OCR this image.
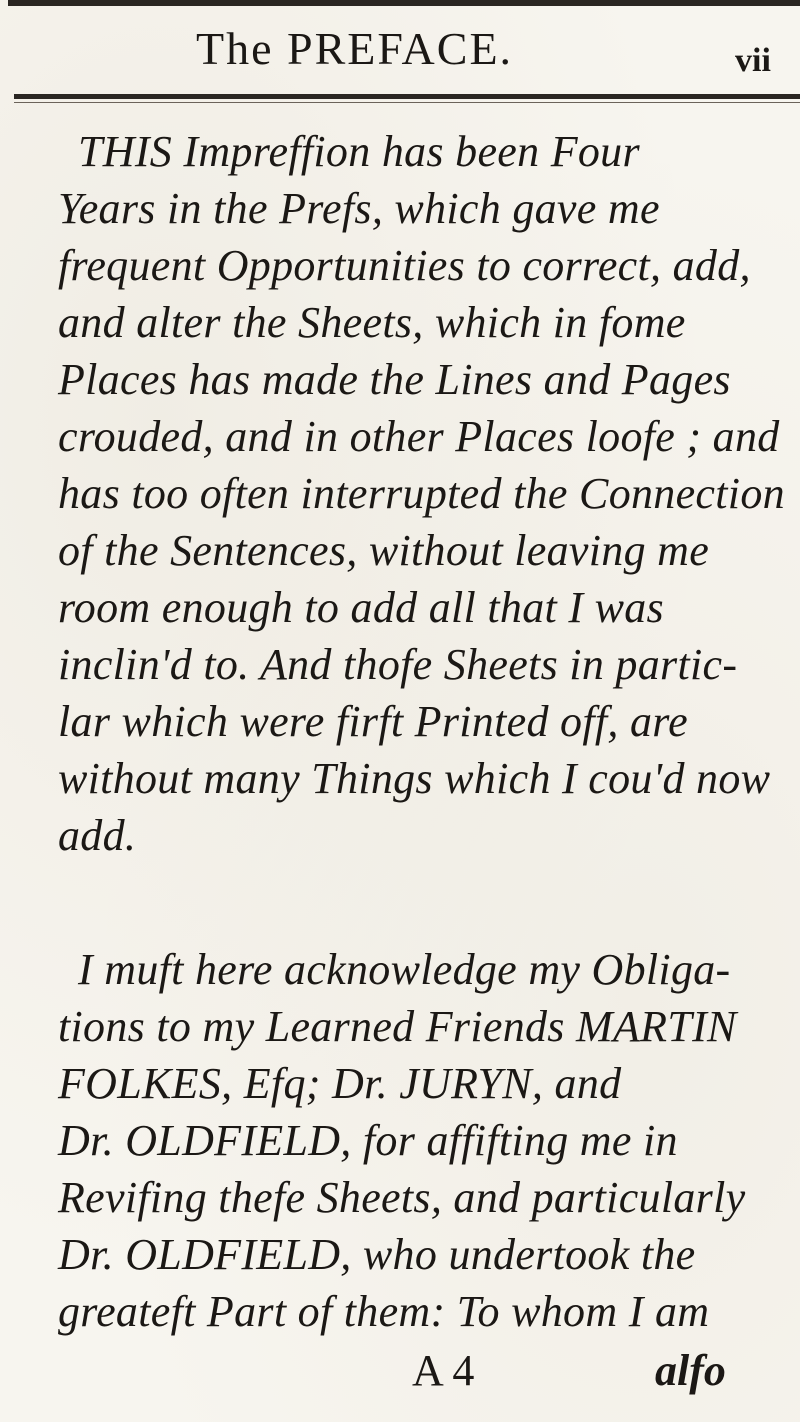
The PREFACE.	vii
THIS Impreffion has been Four
Years in the Prefs, which gave me
frequent Opportunities to correct, add,
and alter the Sheets, which in fome
Places has made the Lines and Pages
crouded, and in other Places loofe ; and
has too often interrupted the Connection
of the Sentences, without leaving me
room enough to add all that I was
inclin'd to. And thofe Sheets in partic-
lar which were firft Printed off, are
without many Things which I cou'd now
add.
I muft here acknowledge my Obliga-
tions to my Learned Friends MARTIN
FOLKES, Efq; Dr. JURYN, and
Dr. OLDFIELD, for affifting me in
Revifing thefe Sheets, and particularly
Dr. OLDFIELD, who undertook the
greateft Part of them: To whom I am
A 4	alfo
